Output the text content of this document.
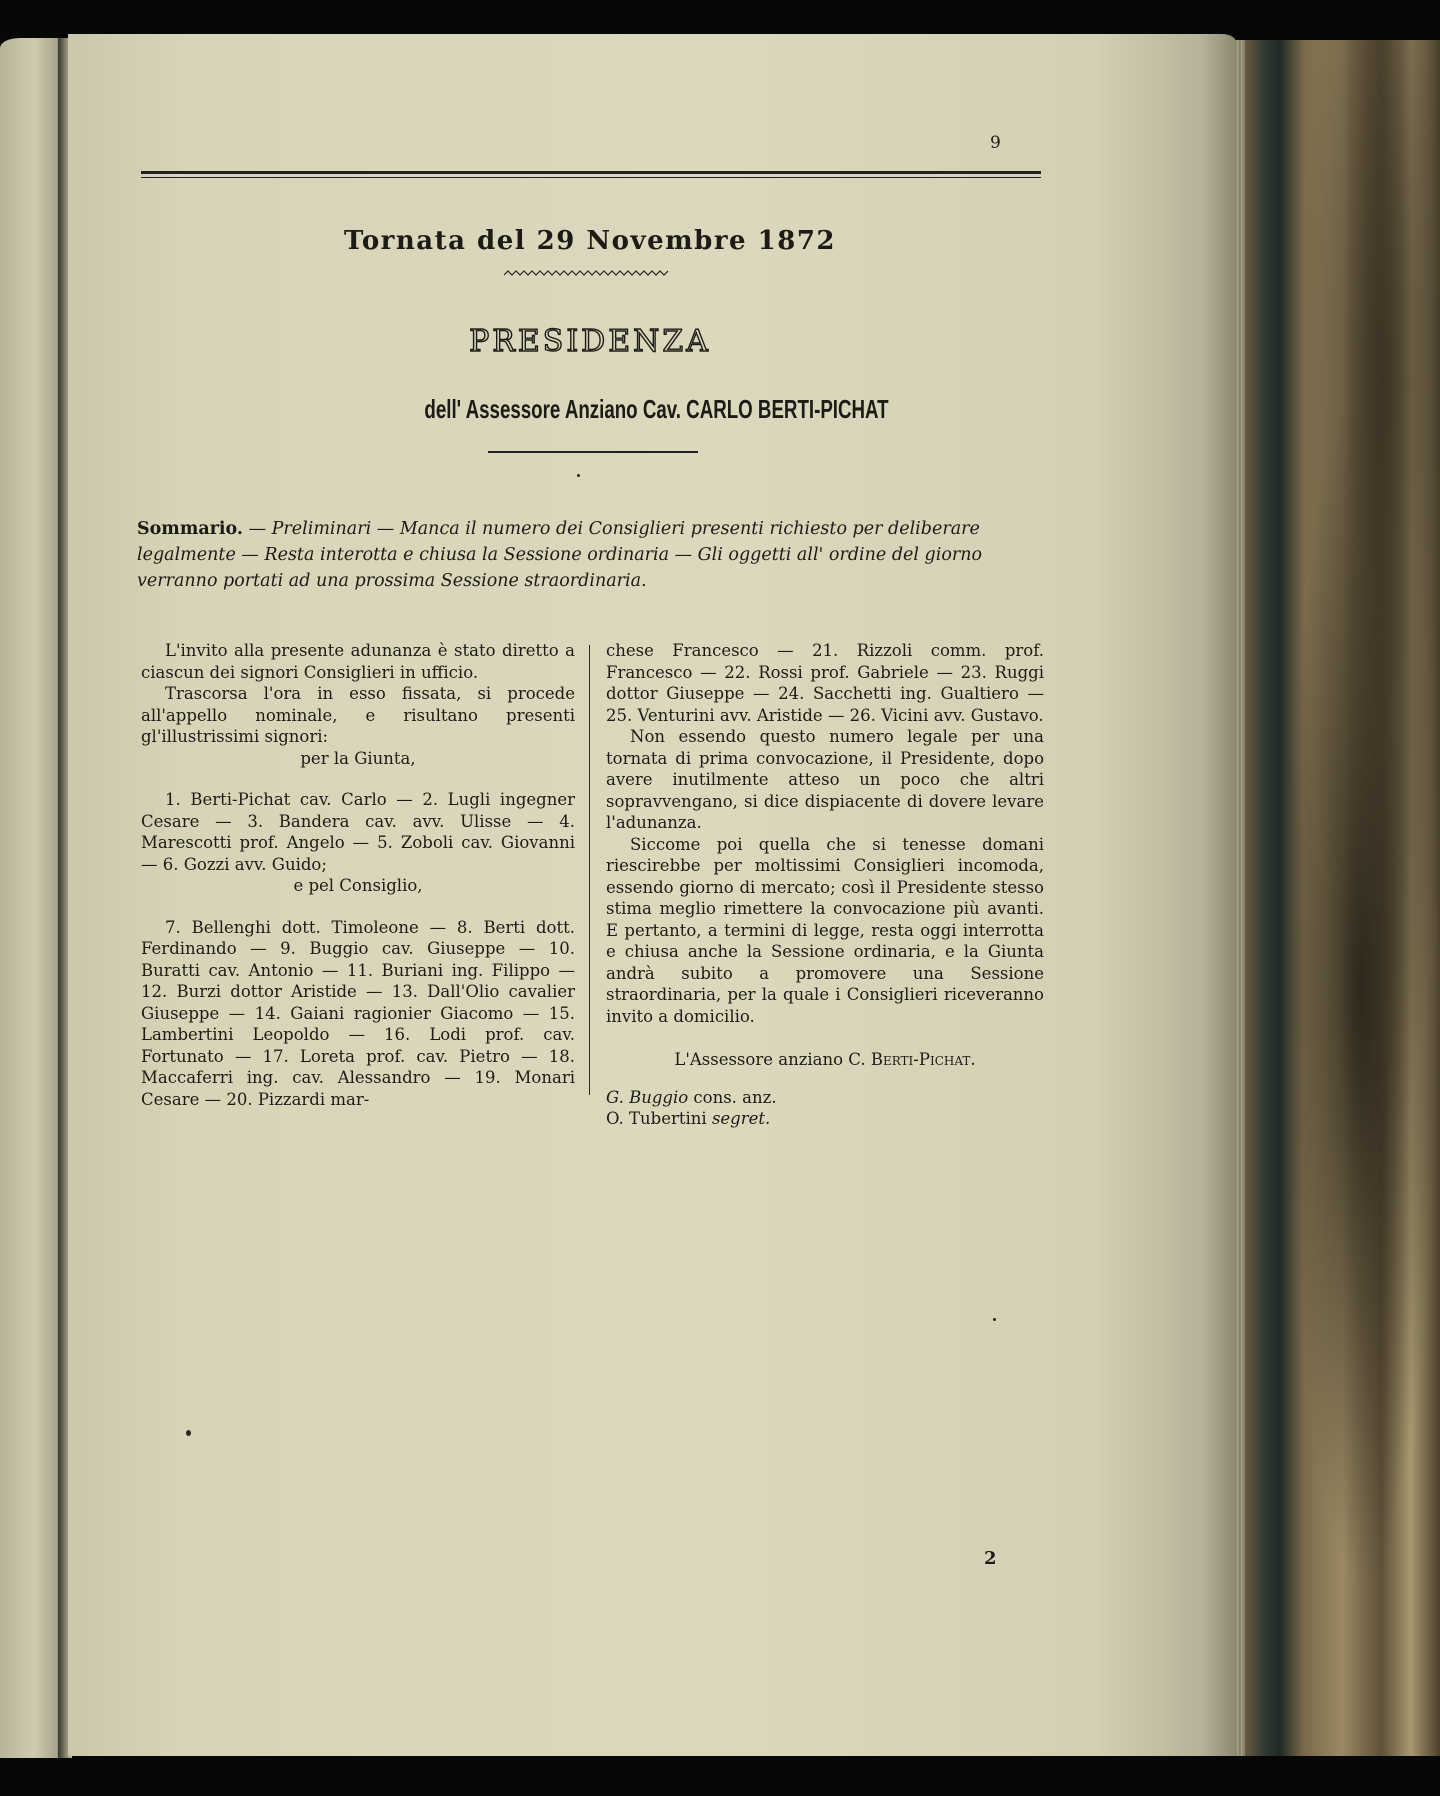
9
Tornata del 29 Novembre 1872
PRESIDENZA
dell' Assessore Anziano Cav. CARLO BERTI-PICHAT
Sommario. — Preliminari — Manca il numero dei Consiglieri presenti richiesto per deliberare legalmente — Resta interotta e chiusa la Sessione ordinaria — Gli oggetti all' ordine del giorno verranno portati ad una prossima Sessione straordinaria.

L'invito alla presente adunanza è stato diretto a ciascun dei signori Consiglieri in ufficio.

Trascorsa l'ora in esso fissata, si procede all'appello nominale, e risultano presenti gl'illustrissimi signori:

per la Giunta,

1. Berti-Pichat cav. Carlo — 2. Lugli ingegner Cesare — 3. Bandera cav. avv. Ulisse — 4. Marescotti prof. Angelo — 5. Zoboli cav. Giovanni — 6. Gozzi avv. Guido;

e pel Consiglio,

7. Bellenghi dott. Timoleone — 8. Berti dott. Ferdinando — 9. Buggio cav. Giuseppe — 10. Buratti cav. Antonio — 11. Buriani ing. Filippo — 12. Burzi dottor Aristide — 13. Dall'Olio cavalier Giuseppe — 14. Gaiani ragionier Giacomo — 15. Lambertini Leopoldo — 16. Lodi prof. cav. Fortunato — 17. Loreta prof. cav. Pietro — 18. Maccaferri ing. cav. Alessandro — 19. Monari Cesare — 20. Pizzardi mar-

chese Francesco — 21. Rizzoli comm. prof. Francesco — 22. Rossi prof. Gabriele — 23. Ruggi dottor Giuseppe — 24. Sacchetti ing. Gualtiero — 25. Venturini avv. Aristide — 26. Vicini avv. Gustavo.

Non essendo questo numero legale per una tornata di prima convocazione, il Presidente, dopo avere inutilmente atteso un poco che altri sopravvengano, si dice dispiacente di dovere levare l'adunanza.

Siccome poi quella che si tenesse domani riescirebbe per moltissimi Consiglieri incomoda, essendo giorno di mercato; così il Presidente stesso stima meglio rimettere la convocazione più avanti. E pertanto, a termini di legge, resta oggi interrotta e chiusa anche la Sessione ordinaria, e la Giunta andrà subito a promovere una Sessione straordinaria, per la quale i Consiglieri riceveranno invito a domicilio.

L'Assessore anziano C. Berti-Pichat.

G. Buggio cons. anz.

O. Tubertini segret.

2
